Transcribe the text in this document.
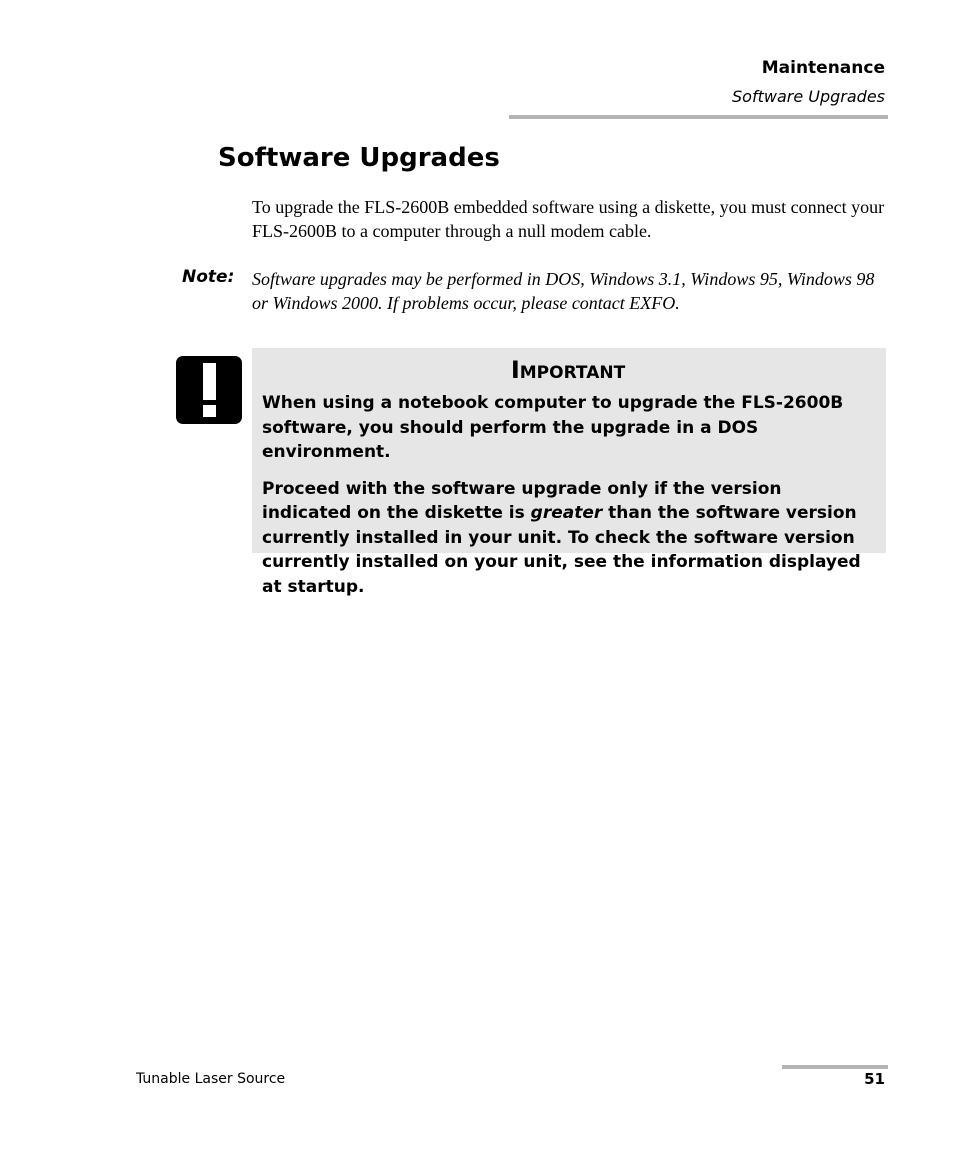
Maintenance
Software Upgrades
Software Upgrades

To upgrade the FLS-2600B embedded software using a diskette, you must connect your FLS-2600B to a computer through a null modem cable.

Note: Software upgrades may be performed in DOS, Windows 3.1, Windows 95, Windows 98 or Windows 2000. If problems occur, please contact EXFO.

Important

When using a notebook computer to upgrade the FLS-2600B software, you should perform the upgrade in a DOS environment.

Proceed with the software upgrade only if the version indicated on the diskette is greater than the software version currently installed in your unit. To check the software version currently installed on your unit, see the information displayed at startup.

Tunable Laser Source	51
